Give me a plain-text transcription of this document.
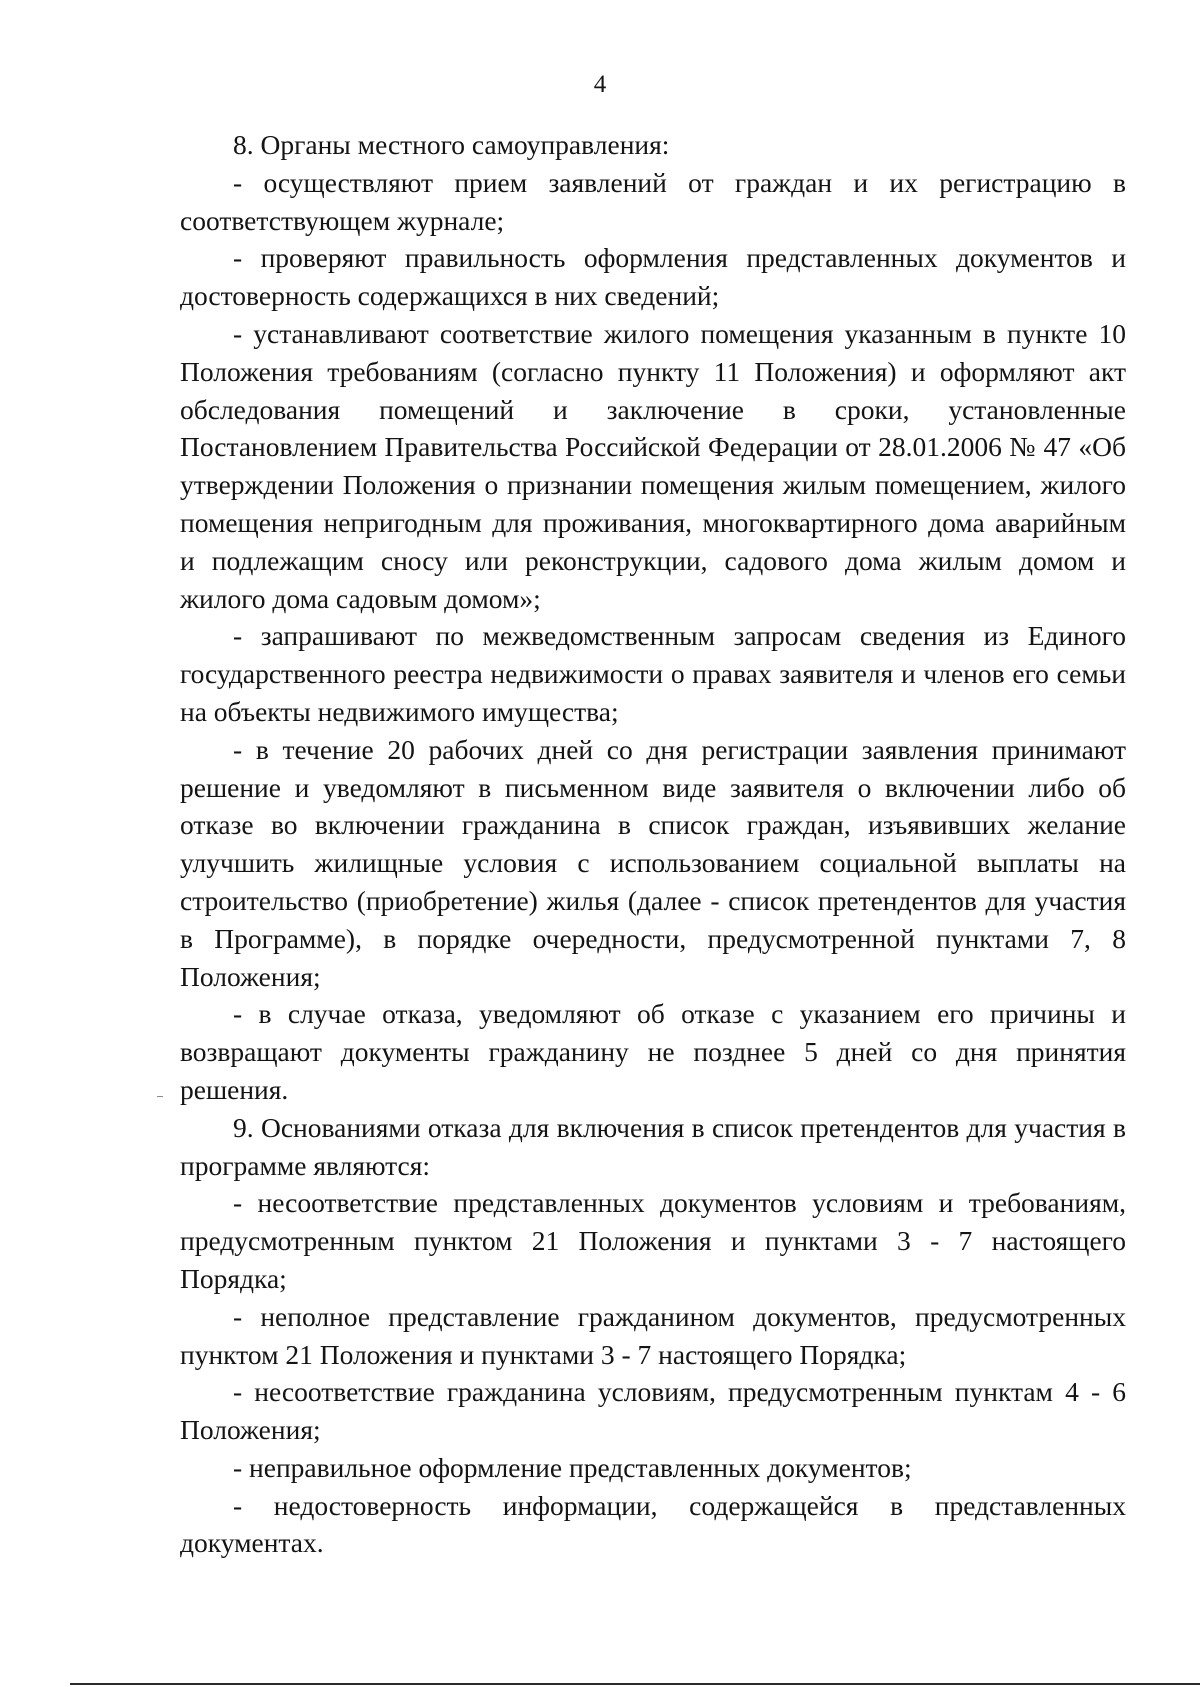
4

8. Органы местного самоуправления:

- осуществляют прием заявлений от граждан и их регистрацию в соответствующем журнале;

- проверяют правильность оформления представленных документов и достоверность содержащихся в них сведений;

- устанавливают соответствие жилого помещения указанным в пункте 10 Положения требованиям (согласно пункту 11 Положения) и оформляют акт обследования помещений и заключение в сроки, установленные Постановлением Правительства Российской Федерации от 28.01.2006 № 47 «Об утверждении Положения о признании помещения жилым помещением, жилого помещения непригодным для проживания, многоквартирного дома аварийным и подлежащим сносу или реконструкции, садового дома жилым домом и жилого дома садовым домом»;

- запрашивают по межведомственным запросам сведения из Единого государственного реестра недвижимости о правах заявителя и членов его семьи на объекты недвижимого имущества;

- в течение 20 рабочих дней со дня регистрации заявления принимают решение и уведомляют в письменном виде заявителя о включении либо об отказе во включении гражданина в список граждан, изъявивших желание улучшить жилищные условия с использованием социальной выплаты на строительство (приобретение) жилья (далее - список претендентов для участия в Программе), в порядке очередности, предусмотренной пунктами 7, 8 Положения;

- в случае отказа, уведомляют об отказе с указанием его причины и возвращают документы гражданину не позднее 5 дней со дня принятия решения.

9. Основаниями отказа для включения в список претендентов для участия в программе являются:

- несоответствие представленных документов условиям и требованиям, предусмотренным пунктом 21 Положения и пунктами 3 - 7 настоящего Порядка;

- неполное представление гражданином документов, предусмотренных пунктом 21 Положения и пунктами 3 - 7 настоящего Порядка;

- несоответствие гражданина условиям, предусмотренным пунктам 4 - 6 Положения;

- неправильное оформление представленных документов;

- недостоверность информации, содержащейся в представленных документах.
